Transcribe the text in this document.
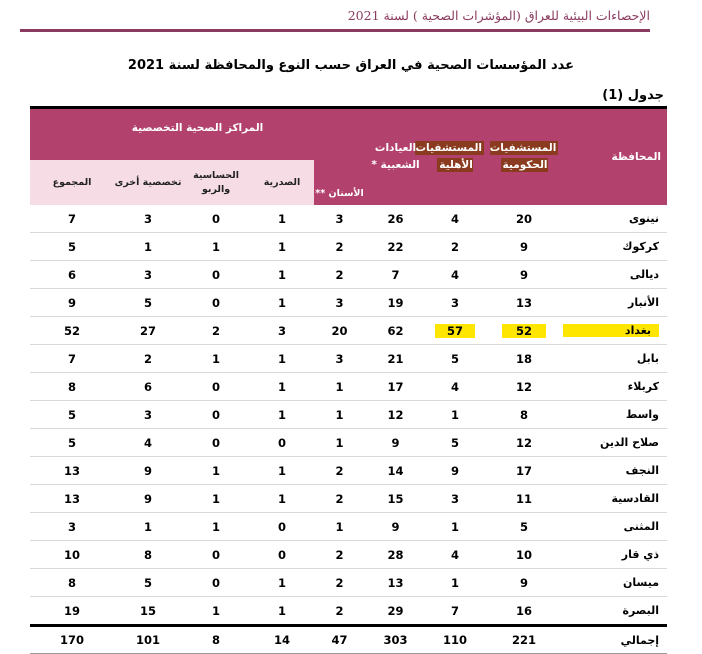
الإحصاءات البيئية للعراق (المؤشرات الصحية ) لسنة 2021
عدد المؤسسات الصحية في العراق حسب النوع والمحافظة لسنة 2021
جدول (1)
المحافظة	المستشفيات الحكومية	المستشفيات الأهلية	العيادات الشعبية *	المراكز الصحية التخصصية				
				الأسنان **	الصدرية	الحساسية والربو	تخصصية أخرى	المجموع
نينوى	20	4	26	3	1	0	3	7
كركوك	9	2	22	2	1	1	1	5
ديالى	9	4	7	2	1	0	3	6
الأنبار	13	3	19	3	1	0	5	9
بغداد	52	57	62	20	3	2	27	52
بابل	18	5	21	3	1	1	2	7
كربلاء	12	4	17	1	1	0	6	8
واسط	8	1	12	1	1	0	3	5
صلاح الدين	12	5	9	1	0	0	4	5
النجف	17	9	14	2	1	1	9	13
القادسية	11	3	15	2	1	1	9	13
المثنى	5	1	9	1	0	1	1	3
ذي قار	10	4	28	2	0	0	8	10
ميسان	9	1	13	2	1	0	5	8
البصرة	16	7	29	2	1	1	15	19
إجمالي	221	110	303	47	14	8	101	170
